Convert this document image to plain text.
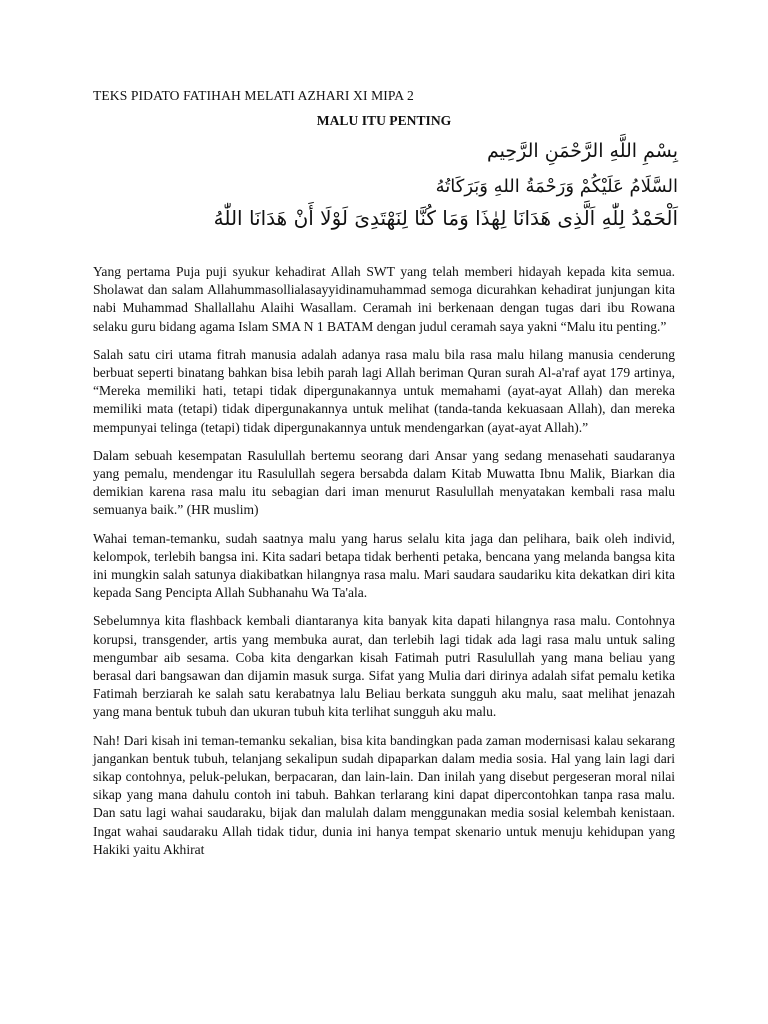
TEKS PIDATO FATIHAH MELATI AZHARI XI MIPA 2
MALU ITU PENTING
بِسْمِ اللَّهِ الرَّحْمَنِ الرَّحِيم
السَّلَامُ عَلَيْكُمْ وَرَحْمَةُ اللهِ وَبَرَكَاتُهُ
اَلْحَمْدُ لِلّٰهِ اَلَّذِى هَدَانَا لِهٰذَا وَمَا كُنَّا لِنَهْتَدِىَ لَوْلَا أَنْ هَدَانَا اللّٰهُ

Yang pertama Puja puji syukur kehadirat Allah SWT yang telah memberi hidayah kepada kita semua. Sholawat dan salam Allahummasollialasayyidinamuhammad semoga dicurahkan kehadirat junjungan kita nabi Muhammad Shallallahu Alaihi Wasallam. Ceramah ini berkenaan dengan tugas dari ibu Rowana selaku guru bidang agama Islam SMA N 1 BATAM dengan judul ceramah saya yakni “Malu itu penting.”

Salah satu ciri utama fitrah manusia adalah adanya rasa malu bila rasa malu hilang manusia cenderung berbuat seperti binatang bahkan bisa lebih parah lagi Allah beriman Quran surah Al-a'raf ayat 179 artinya, “Mereka memiliki hati, tetapi tidak dipergunakannya untuk memahami (ayat-ayat Allah) dan mereka memiliki mata (tetapi) tidak dipergunakannya untuk melihat (tanda-tanda kekuasaan Allah), dan mereka mempunyai telinga (tetapi) tidak dipergunakannya untuk mendengarkan (ayat-ayat Allah).”

Dalam sebuah kesempatan Rasulullah bertemu seorang dari Ansar yang sedang menasehati saudaranya yang pemalu, mendengar itu Rasulullah segera bersabda dalam Kitab Muwatta Ibnu Malik, Biarkan dia demikian karena rasa malu itu sebagian dari iman menurut Rasulullah menyatakan kembali rasa malu semuanya baik.” (HR muslim)

Wahai teman-temanku, sudah saatnya malu yang harus selalu kita jaga dan pelihara, baik oleh individ, kelompok, terlebih bangsa ini. Kita sadari betapa tidak berhenti petaka, bencana yang melanda bangsa kita ini mungkin salah satunya diakibatkan hilangnya rasa malu. Mari saudara saudariku kita dekatkan diri kita kepada Sang Pencipta Allah Subhanahu Wa Ta'ala.

Sebelumnya kita flashback kembali diantaranya kita banyak kita dapati hilangnya rasa malu. Contohnya korupsi, transgender, artis yang membuka aurat, dan terlebih lagi tidak ada lagi rasa malu untuk saling mengumbar aib sesama. Coba kita dengarkan kisah Fatimah putri Rasulullah yang mana beliau yang berasal dari bangsawan dan dijamin masuk surga. Sifat yang Mulia dari dirinya adalah sifat pemalu ketika Fatimah berziarah ke salah satu kerabatnya lalu Beliau berkata sungguh aku malu, saat melihat jenazah yang mana bentuk tubuh dan ukuran tubuh kita terlihat sungguh aku malu.

Nah! Dari kisah ini teman-temanku sekalian, bisa kita bandingkan pada zaman modernisasi kalau sekarang jangankan bentuk tubuh, telanjang sekalipun sudah dipaparkan dalam media sosia. Hal yang lain lagi dari sikap contohnya, peluk-pelukan, berpacaran, dan lain-lain. Dan inilah yang disebut pergeseran moral nilai sikap yang mana dahulu contoh ini tabuh. Bahkan terlarang kini dapat dipercontohkan tanpa rasa malu. Dan satu lagi wahai saudaraku, bijak dan malulah dalam menggunakan media sosial kelembah kenistaan. Ingat wahai saudaraku Allah tidak tidur, dunia ini hanya tempat skenario untuk menuju kehidupan yang Hakiki yaitu Akhirat
